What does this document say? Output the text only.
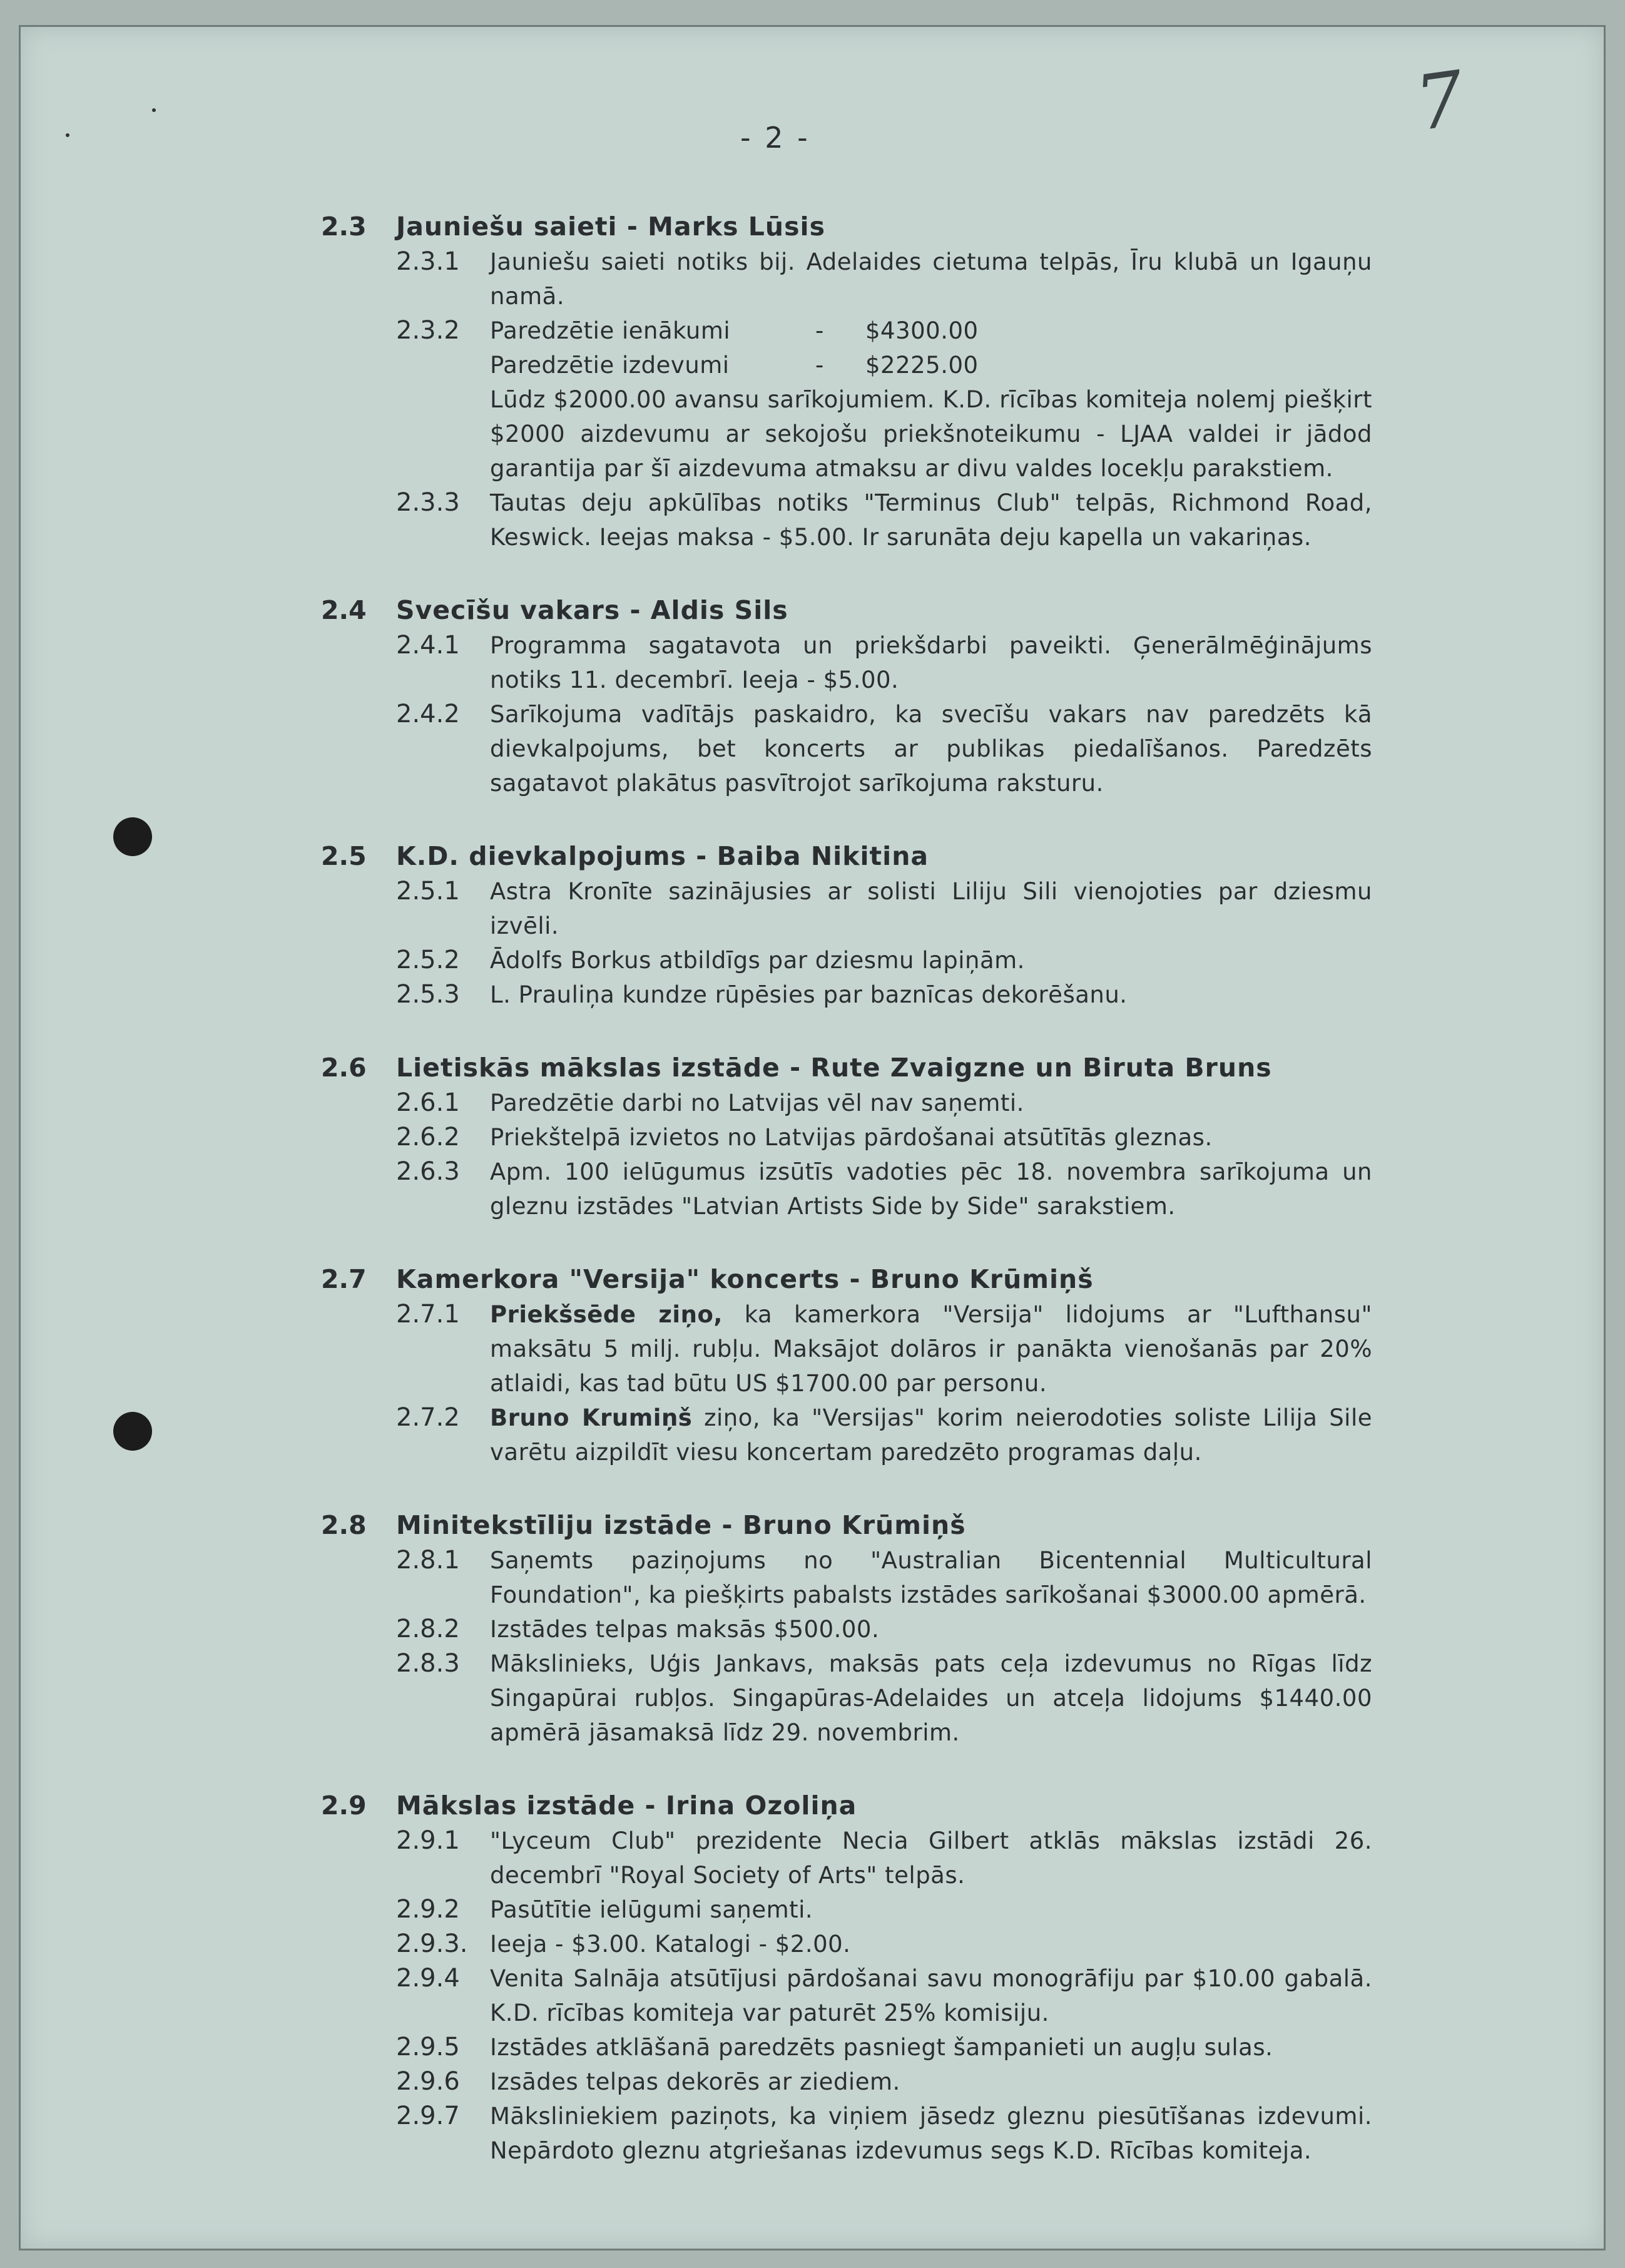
- 2 -	7
2.3	Jauniešu saieti - Marks Lūsis
2.3.1	Jauniešu saieti notiks bij. Adelaides cietuma telpās, Īru klubā un Igauņu namā.
2.3.2	Paredzētie ienākumi	-	$4300.00
Paredzētie izdevumi	-	$2225.00
Lūdz $2000.00 avansu sarīkojumiem. K.D. rīcības komiteja nolemj piešķirt $2000 aizdevumu ar sekojošu priekšnoteikumu - LJAA valdei ir jādod garantija par šī aizdevuma atmaksu ar divu valdes locekļu parakstiem.
2.3.3	Tautas deju apkūlības notiks "Terminus Club" telpās, Richmond Road, Keswick. Ieejas maksa - $5.00. Ir sarunāta deju kapella un vakariņas.
2.4	Svecīšu vakars - Aldis Sils
2.4.1	Programma sagatavota un priekšdarbi paveikti. Ģenerālmēģinājums notiks 11. decembrī. Ieeja - $5.00.
2.4.2	Sarīkojuma vadītājs paskaidro, ka svecīšu vakars nav paredzēts kā dievkalpojums, bet koncerts ar publikas piedalīšanos. Paredzēts sagatavot plakātus pasvītrojot sarīkojuma raksturu.
2.5	K.D. dievkalpojums - Baiba Nikitina
2.5.1	Astra Kronīte sazinājusies ar solisti Liliju Sili vienojoties par dziesmu izvēli.
2.5.2	Ādolfs Borkus atbildīgs par dziesmu lapiņām.
2.5.3	L. Prauliņa kundze rūpēsies par baznīcas dekorēšanu.
2.6	Lietiskās mākslas izstāde - Rute Zvaigzne un Biruta Bruns
2.6.1	Paredzētie darbi no Latvijas vēl nav saņemti.
2.6.2	Priekštelpā izvietos no Latvijas pārdošanai atsūtītās gleznas.
2.6.3	Apm. 100 ielūgumus izsūtīs vadoties pēc 18. novembra sarīkojuma un gleznu izstādes "Latvian Artists Side by Side" sarakstiem.
2.7	Kamerkora "Versija" koncerts - Bruno Krūmiņš
2.7.1	Priekšsēde ziņo, ka kamerkora "Versija" lidojums ar "Lufthansu" maksātu 5 milj. rubļu. Maksājot dolāros ir panākta vienošanās par 20% atlaidi, kas tad būtu US $1700.00 par personu.
2.7.2	Bruno Krumiņš ziņo, ka "Versijas" korim neierodoties soliste Lilija Sile varētu aizpildīt viesu koncertam paredzēto programas daļu.
2.8	Minitekstīliju izstāde - Bruno Krūmiņš
2.8.1	Saņemts paziņojums no "Australian Bicentennial Multicultural Foundation", ka piešķirts pabalsts izstādes sarīkošanai $3000.00 apmērā.
2.8.2	Izstādes telpas maksās $500.00.
2.8.3	Mākslinieks, Uģis Jankavs, maksās pats ceļa izdevumus no Rīgas līdz Singapūrai rubļos. Singapūras-Adelaides un atceļa lidojums $1440.00 apmērā jāsamaksā līdz 29. novembrim.
2.9	Mākslas izstāde - Irina Ozoliņa
2.9.1	"Lyceum Club" prezidente Necia Gilbert atklās mākslas izstādi 26. decembrī "Royal Society of Arts" telpās.
2.9.2	Pasūtītie ielūgumi saņemti.
2.9.3. Ieeja - $3.00. Katalogi - $2.00.
2.9.4	Venita Salnāja atsūtījusi pārdošanai savu monogrāfiju par $10.00 gabalā. K.D. rīcības komiteja var paturēt 25% komisiju.
2.9.5	Izstādes atklāšanā paredzēts pasniegt šampanieti un augļu sulas.
2.9.6	Izsādes telpas dekorēs ar ziediem.
2.9.7	Māksliniekiem paziņots, ka viņiem jāsedz gleznu piesūtīšanas izdevumi. Nepārdoto gleznu atgriešanas izdevumus segs K.D. Rīcības komiteja.
